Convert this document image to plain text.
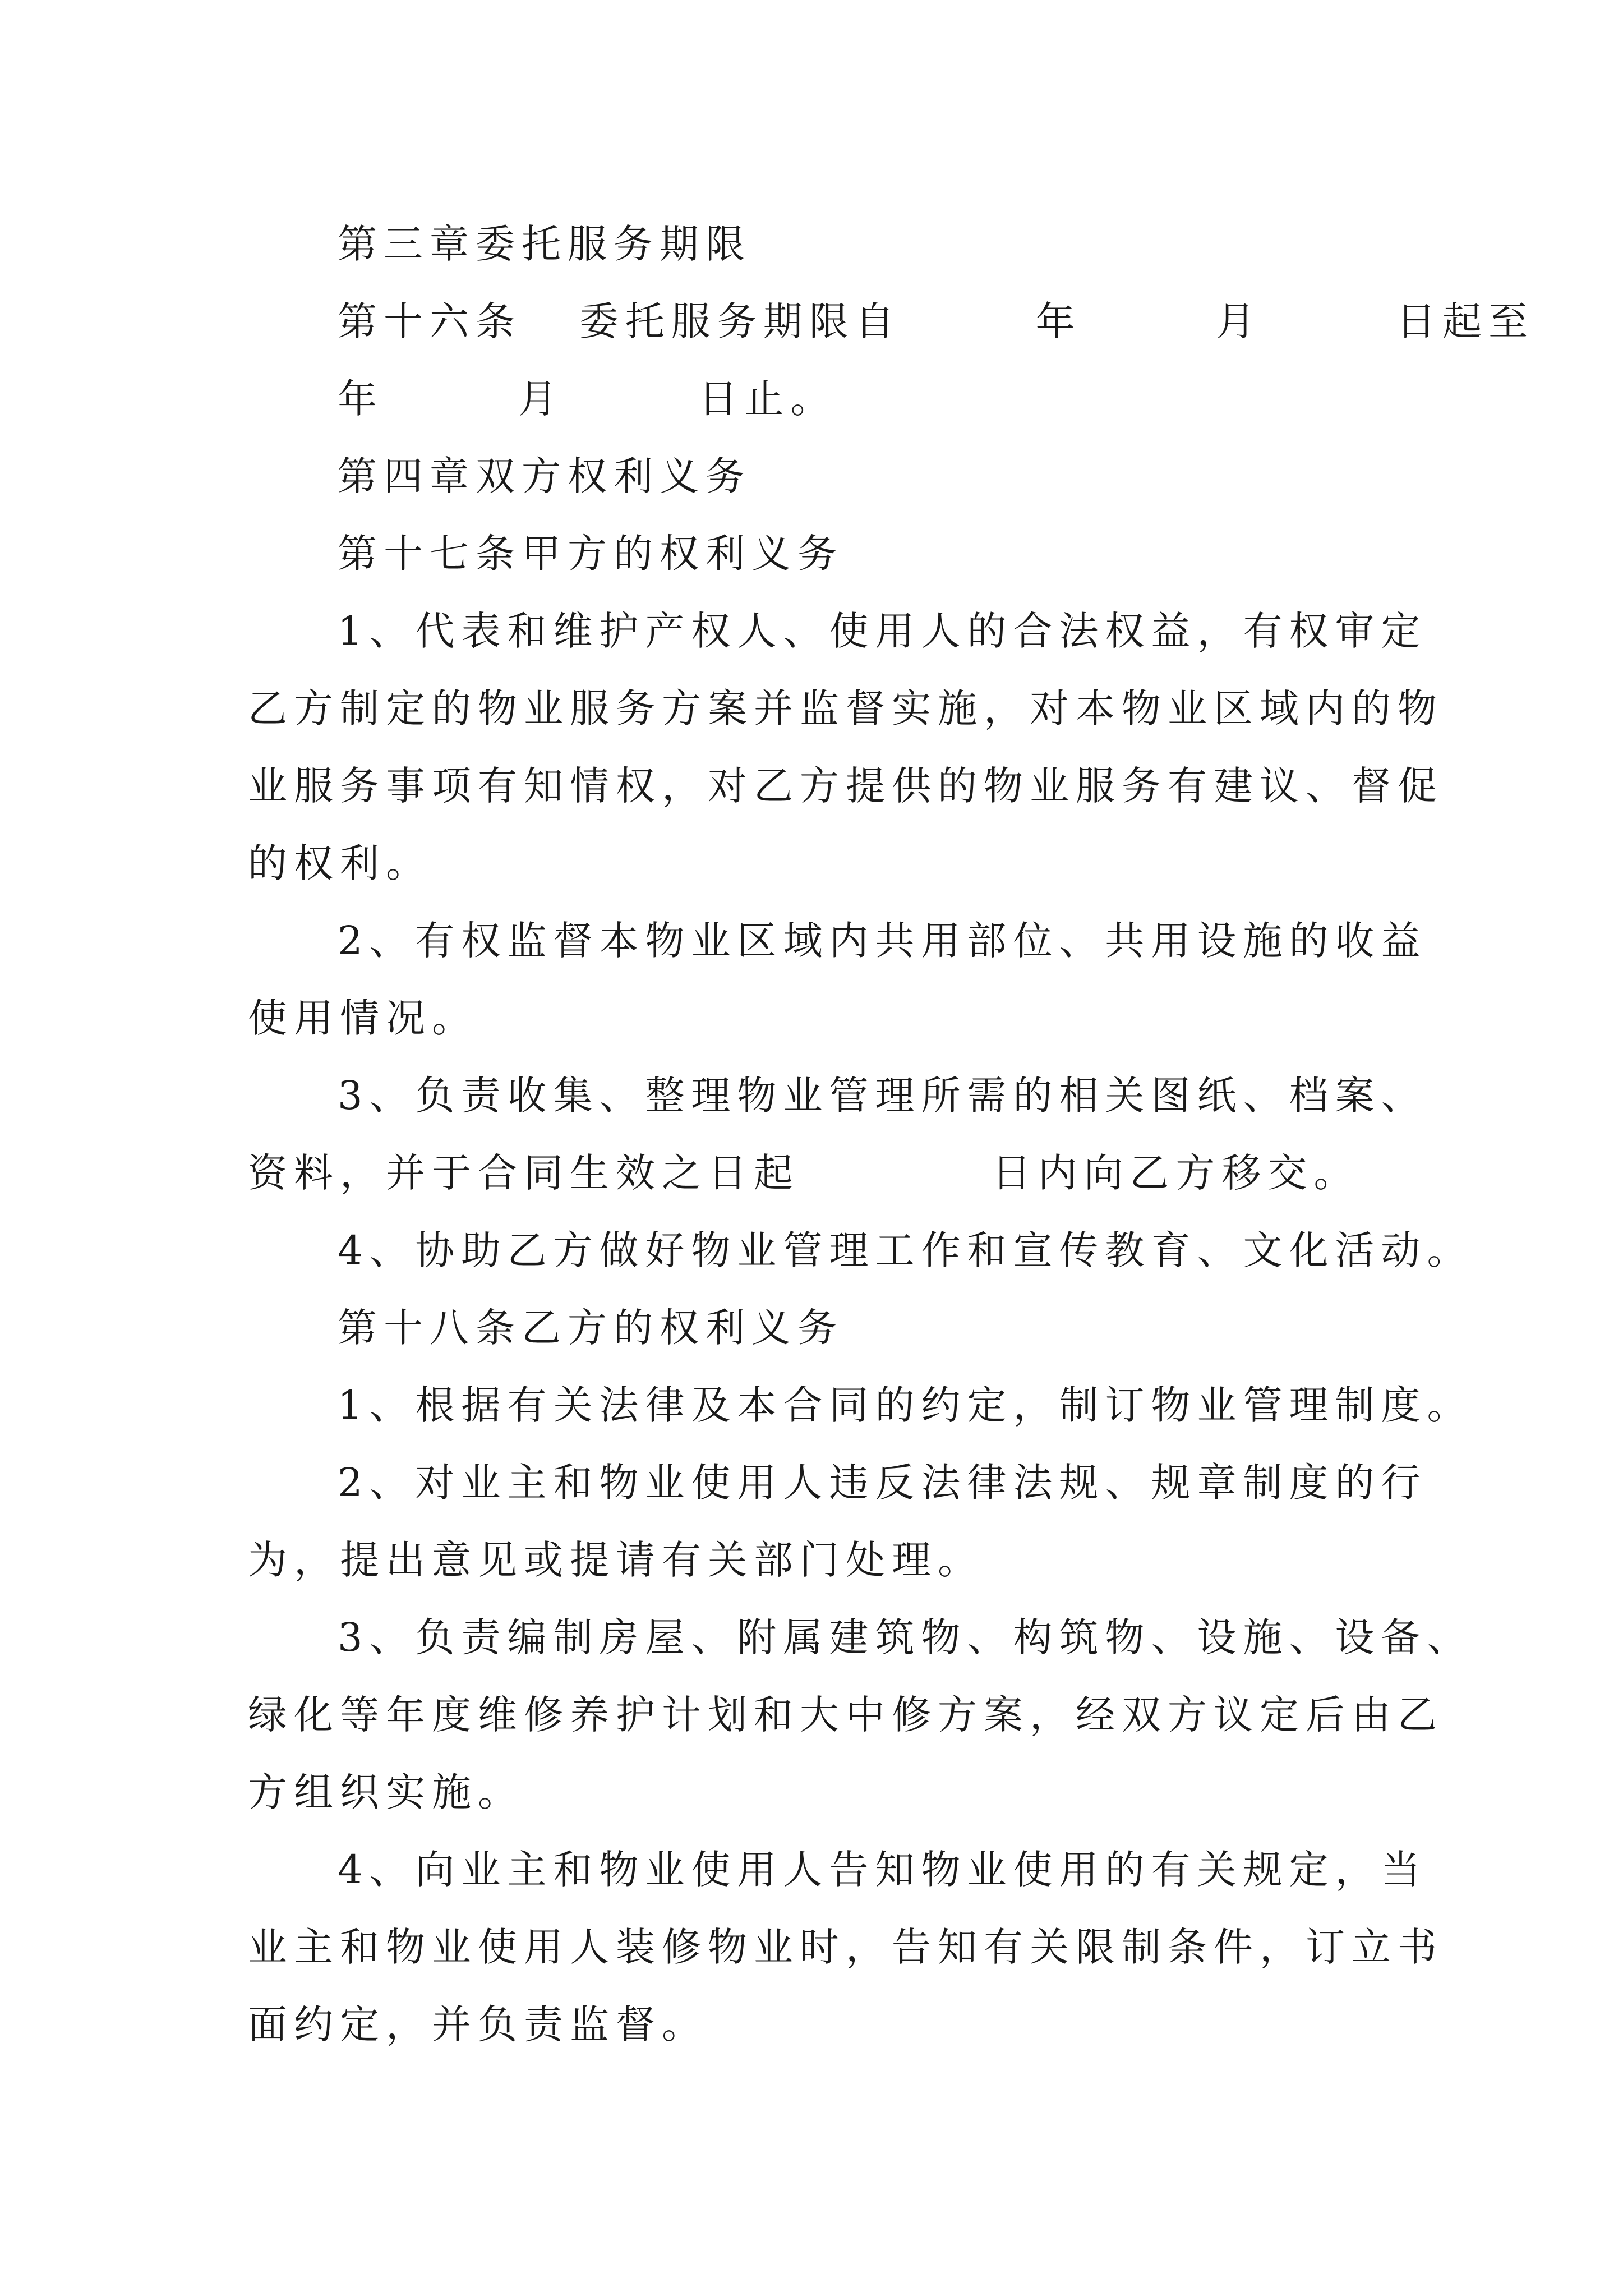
第三章委托服务期限
第十六条   委托服务期限自       年       月       日起至
年       月       日止。
第四章双方权利义务
第十七条甲方的权利义务
1、代表和维护产权人、使用人的合法权益，有权审定
乙方制定的物业服务方案并监督实施，对本物业区域内的物
业服务事项有知情权，对乙方提供的物业服务有建议、督促
的权利。
2、有权监督本物业区域内共用部位、共用设施的收益
使用情况。
3、负责收集、整理物业管理所需的相关图纸、档案、
资料，并于合同生效之日起          日内向乙方移交。
4、协助乙方做好物业管理工作和宣传教育、文化活动。
第十八条乙方的权利义务
1、根据有关法律及本合同的约定，制订物业管理制度。
2、对业主和物业使用人违反法律法规、规章制度的行
为，提出意见或提请有关部门处理。
3、负责编制房屋、附属建筑物、构筑物、设施、设备、
绿化等年度维修养护计划和大中修方案，经双方议定后由乙
方组织实施。
4、向业主和物业使用人告知物业使用的有关规定，当
业主和物业使用人装修物业时，告知有关限制条件，订立书
面约定，并负责监督。
